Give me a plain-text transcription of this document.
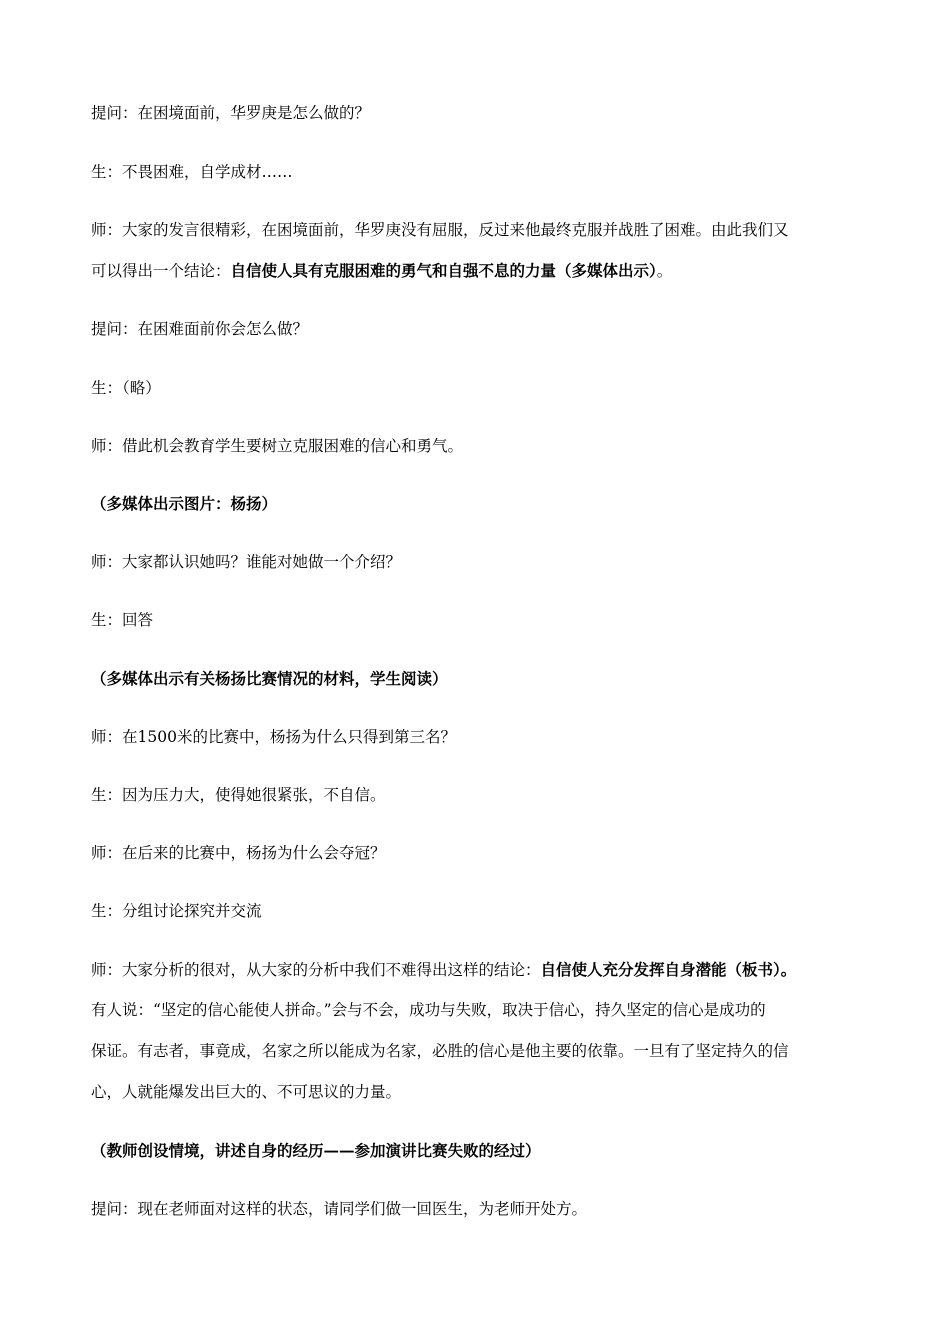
提问：在困境面前，华罗庚是怎么做的？
生：不畏困难，自学成材……
师：大家的发言很精彩，在困境面前，华罗庚没有屈服，反过来他最终克服并战胜了困难。由此我们又
可以得出一个结论：自信使人具有克服困难的勇气和自强不息的力量（多媒体出示）。
提问：在困难面前你会怎么做？
生：（略）
师：借此机会教育学生要树立克服困难的信心和勇气。
（多媒体出示图片：杨扬）
师：大家都认识她吗？谁能对她做一个介绍？
生：回答
（多媒体出示有关杨扬比赛情况的材料，学生阅读）
师：在1500米的比赛中，杨扬为什么只得到第三名？
生：因为压力大，使得她很紧张，不自信。
师：在后来的比赛中，杨扬为什么会夺冠？
生：分组讨论探究并交流
师：大家分析的很对，从大家的分析中我们不难得出这样的结论：自信使人充分发挥自身潜能（板书）。
有人说：“坚定的信心能使人拼命。”会与不会，成功与失败，取决于信心，持久坚定的信心是成功的
保证。有志者，事竟成，名家之所以能成为名家，必胜的信心是他主要的依靠。一旦有了坚定持久的信
心，人就能爆发出巨大的、不可思议的力量。
（教师创设情境，讲述自身的经历——参加演讲比赛失败的经过）
提问：现在老师面对这样的状态，请同学们做一回医生，为老师开处方。
